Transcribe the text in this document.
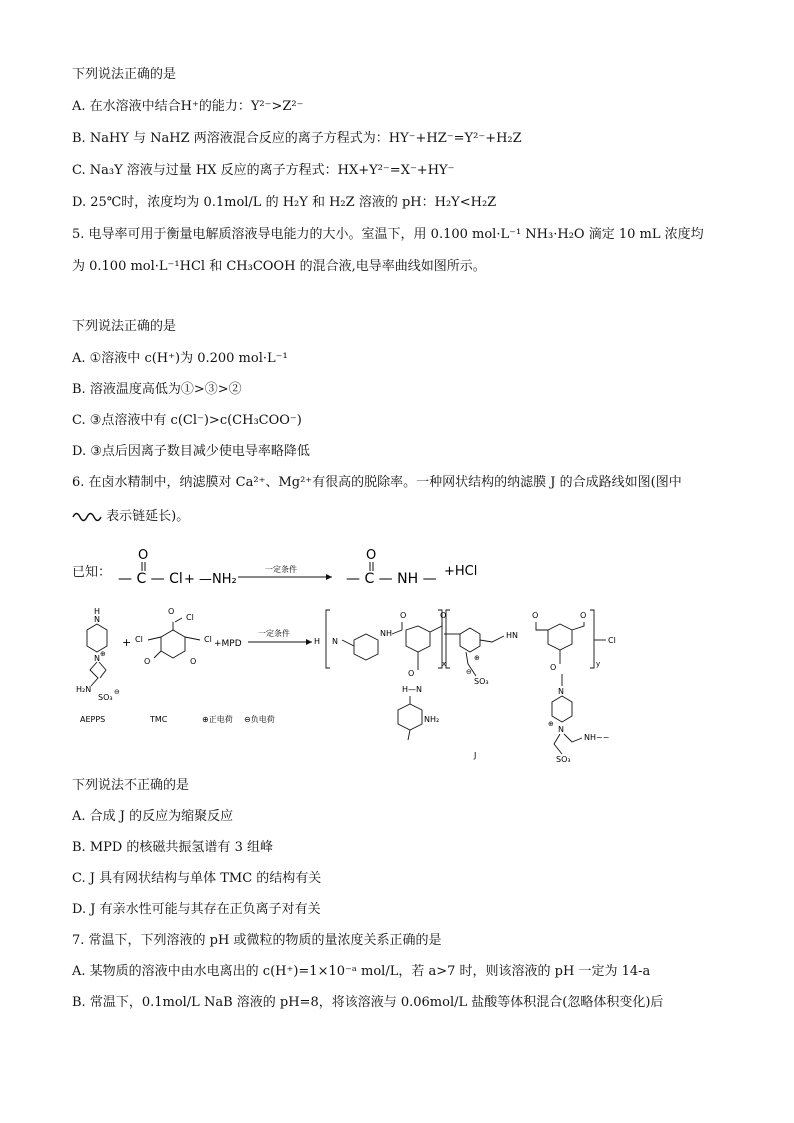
下列说法正确的是
A. 在水溶液中结合H⁺的能力：Y²⁻>Z²⁻
B. NaHY 与 NaHZ 两溶液混合反应的离子方程式为：HY⁻+HZ⁻=Y²⁻+H₂Z
C. Na₃Y 溶液与过量 HX 反应的离子方程式：HX+Y²⁻=X⁻+HY⁻
D. 25℃时，浓度均为 0.1mol/L 的 H₂Y 和 H₂Z 溶液的 pH：H₂Y<H₂Z
5. 电导率可用于衡量电解质溶液导电能力的大小。室温下，用 0.100 mol·L⁻¹ NH₃·H₂O 滴定 10 mL 浓度均
为 0.100 mol·L⁻¹HCl 和 CH₃COOH 的混合液,电导率曲线如图所示。
下列说法正确的是
A. ①溶液中 c(H⁺)为 0.200 mol·L⁻¹
B. 溶液温度高低为①>③>②
C. ③点溶液中有 c(Cl⁻)>c(CH₃COO⁻)
D. ③点后因离子数目减少使电导率略降低
6. 在卤水精制中，纳滤膜对 Ca²⁺、Mg²⁺有很高的脱除率。一种网状结构的纳滤膜 J 的合成路线如图(图中
表示链延长)。
已知：
O
— C — Cl + —NH₂
一定条件
O
— C — NH — +HCl
H
N
N ⊕
H₂N
SO₃
⊖
AEPPS
+
O
Cl
Cl
O
Cl
O
TMC
+MPD
一定条件
⊕正电荷 ⊖负电荷
H N
NH
O	O
O
H—N
NH₂
x
⊕
SO₃
⊖
HN
O	O
O
N
N
⊕
NH~~
SO₃
y
Cl
J
下列说法不正确的是
A. 合成 J 的反应为缩聚反应
B. MPD 的核磁共振氢谱有 3 组峰
C. J 具有网状结构与单体 TMC 的结构有关
D. J 有亲水性可能与其存在正负离子对有关
7. 常温下，下列溶液的 pH 或微粒的物质的量浓度关系正确的是
A. 某物质的溶液中由水电离出的 c(H⁺)=1×10⁻ᵃ mol/L，若 a>7 时，则该溶液的 pH 一定为 14-a
B. 常温下，0.1mol/L NaB 溶液的 pH=8，将该溶液与 0.06mol/L 盐酸等体积混合(忽略体积变化)后
